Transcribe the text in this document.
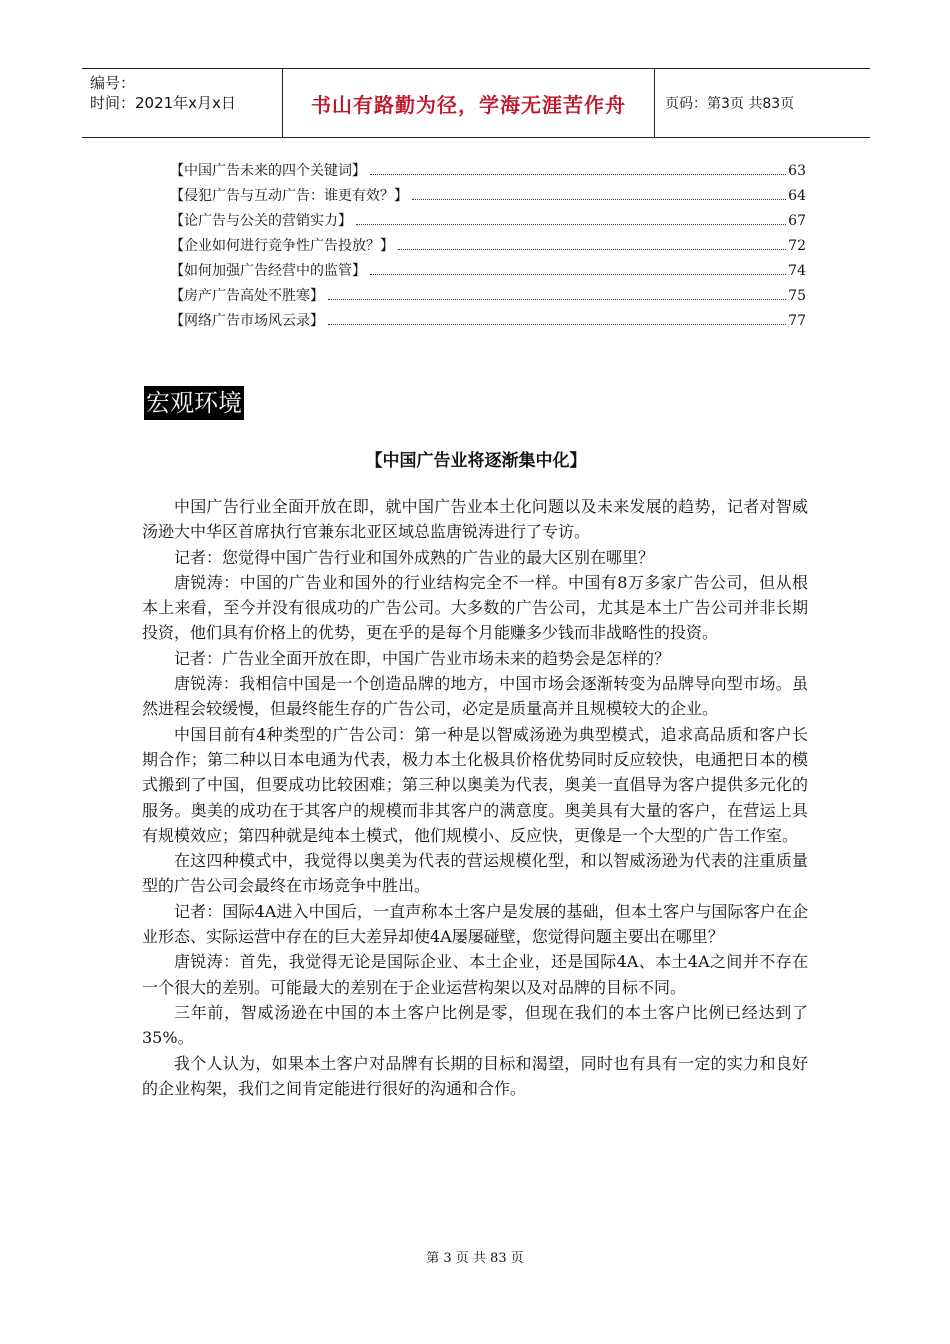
编号：
时间：2021年x月x日	书山有路勤为径，学海无涯苦作舟	页码：第3页 共83页
【中国广告未来的四个关键词】	63
【侵犯广告与互动广告：谁更有效？】	64
【论广告与公关的营销实力】	67
【企业如何进行竞争性广告投放？】	72
【如何加强广告经营中的监管】	74
【房产广告高处不胜寒】	75
【网络广告市场风云录】	77
宏观环境
【中国广告业将逐渐集中化】

中国广告行业全面开放在即，就中国广告业本土化问题以及未来发展的趋势，记者对智威汤逊大中华区首席执行官兼东北亚区域总监唐锐涛进行了专访。

记者：您觉得中国广告行业和国外成熟的广告业的最大区别在哪里？

唐锐涛：中国的广告业和国外的行业结构完全不一样。中国有8万多家广告公司，但从根本上来看，至今并没有很成功的广告公司。大多数的广告公司，尤其是本土广告公司并非长期投资，他们具有价格上的优势，更在乎的是每个月能赚多少钱而非战略性的投资。

记者：广告业全面开放在即，中国广告业市场未来的趋势会是怎样的？

唐锐涛：我相信中国是一个创造品牌的地方，中国市场会逐渐转变为品牌导向型市场。虽然进程会较缓慢，但最终能生存的广告公司，必定是质量高并且规模较大的企业。

中国目前有4种类型的广告公司：第一种是以智威汤逊为典型模式，追求高品质和客户长期合作；第二种以日本电通为代表，极力本土化极具价格优势同时反应较快，电通把日本的模式搬到了中国，但要成功比较困难；第三种以奥美为代表，奥美一直倡导为客户提供多元化的服务。奥美的成功在于其客户的规模而非其客户的满意度。奥美具有大量的客户，在营运上具有规模效应；第四种就是纯本土模式，他们规模小、反应快，更像是一个大型的广告工作室。

在这四种模式中，我觉得以奥美为代表的营运规模化型，和以智威汤逊为代表的注重质量型的广告公司会最终在市场竞争中胜出。

记者：国际4A进入中国后，一直声称本土客户是发展的基础，但本土客户与国际客户在企业形态、实际运营中存在的巨大差异却使4A屡屡碰壁，您觉得问题主要出在哪里？

唐锐涛：首先，我觉得无论是国际企业、本土企业，还是国际4A、本土4A之间并不存在一个很大的差别。可能最大的差别在于企业运营构架以及对品牌的目标不同。

三年前，智威汤逊在中国的本土客户比例是零，但现在我们的本土客户比例已经达到了35%。

我个人认为，如果本土客户对品牌有长期的目标和渴望，同时也有具有一定的实力和良好的企业构架，我们之间肯定能进行很好的沟通和合作。

第 3 页 共 83 页
